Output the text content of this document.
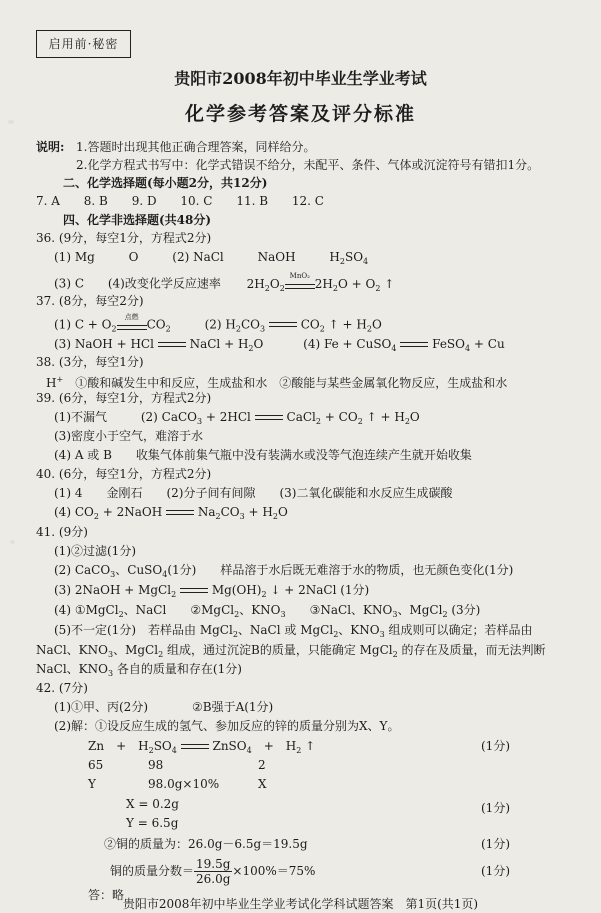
启用前·秘密
贵阳市2008年初中毕业生学业考试
化学参考答案及评分标准
说明: 1.答题时出现其他正确合理答案，同样给分。
2.化学方程式书写中：化学式错误不给分，未配平、条件、气体或沉淀符号有错扣1分。
二、化学选择题(每小题2分，共12分)
7. A 8. B 9. D 10. C 11. B 12. C
四、化学非选择题(共48分)
36. (9分，每空1分，方程式2分)
(1) Mg	O	(2) NaCl	NaOH	$H_2SO_4$
(3) C (4)改变化学反应速率 $2H_2O_2$
MnO₂
$2H_2O + O_2$ ↑
37. (8分，每空2分)
(1) $C + O_2$
点燃
$CO_2$	(2) $H_2CO_3$	$CO_2$ ↑ + $H_2O$
(3) NaOH + HCl  NaCl + $H_2O$	(4) Fe + CuSO$_4$	FeSO$_4$ + Cu
38. (3分，每空1分)
H+　 ①酸和碱发生中和反应，生成盐和水　②酸能与某些金属氧化物反应，生成盐和水
39. (6分，每空1分，方程式2分)
(1)不漏气	(2) CaCO$_3$ + 2HCl  CaCl$_2$ + $CO_2$ ↑ + $H_2O$
(3)密度小于空气，难溶于水
(4) A 或 B　　收集气体前集气瓶中没有装满水或没等气泡连续产生就开始收集
40. (6分，每空1分，方程式2分)
(1) 4　　金刚石　　(2)分子间有间隙　　(3)二氧化碳能和水反应生成碳酸
(4) $CO_2$ + 2NaOH  $Na_2CO_3 + H_2O$
41. (9分)
(1)②过滤(1分)
(2) CaCO$_3$、CuSO$_4$(1分)　　样品溶于水后既无难溶于水的物质，也无颜色变化(1分)
(3) 2NaOH + MgCl$_2$	$Mg(OH)_2$ ↓ + 2NaCl (1分)
(4) ①MgCl$_2$、NaCl ②MgCl$_2$、$KNO_3$ ③NaCl、$KNO_3$、MgCl$_2$ (3分)
(5)不一定(1分)　若样品由 MgCl$_2$、NaCl 或 MgCl$_2$、$KNO_3$ 组成则可以确定；若样品由
NaCl、$KNO_3$、MgCl$_2$ 组成，通过沉淀B的质量，只能确定 MgCl$_2$ 的存在及质量，而无法判断
NaCl、$KNO_3$ 各自的质量和存在(1分)
42. (7分)
(1)①甲、丙(2分)	②B强于A(1分)
(2)解：①设反应生成的氢气、参加反应的锌的质量分别为X、Y。
Zn　+　$H_2SO_4$	ZnSO$_4$　+　$H_2$ ↑	(1分)
65	98	2
Y	98.0g×10%	X
X = 0.2g	(1分)
Y = 6.5g
②铜的质量为：26.0g－6.5g＝19.5g	(1分)
铜的质量分数＝ $\frac{19.5g}{26.0g} \times 100\%=75\%$	(1分)
答：略
贵阳市2008年初中毕业生学业考试化学科试题答案　第1页(共1页)
